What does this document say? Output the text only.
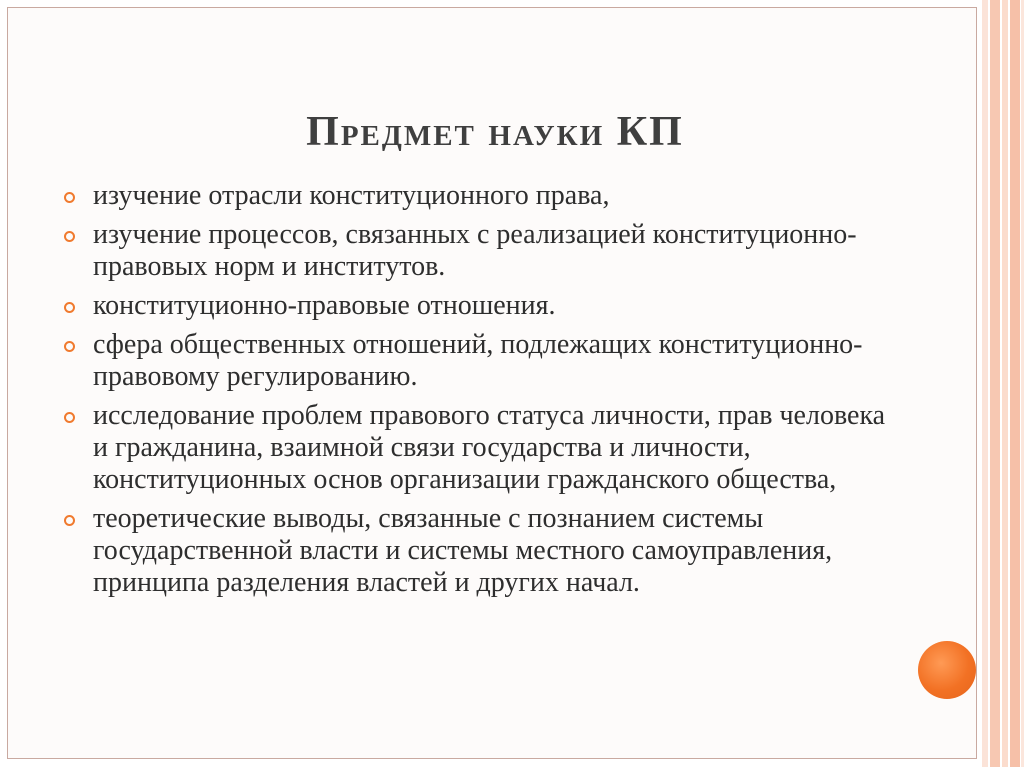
Предмет науки КП
изучение отрасли конституционного права,
изучение процессов, связанных с реализацией конституционно-правовых норм и институтов.
конституционно-правовые отношения.
сфера общественных отношений, подлежащих конституционно-правовому регулированию.
исследование проблем правового статуса личности, прав человека и гражданина, взаимной связи государства и личности, конституционных основ организации гражданского общества,
теоретические выводы, связанные с познанием системы государственной власти и системы местного самоуправления, принципа разделения властей и других начал.
